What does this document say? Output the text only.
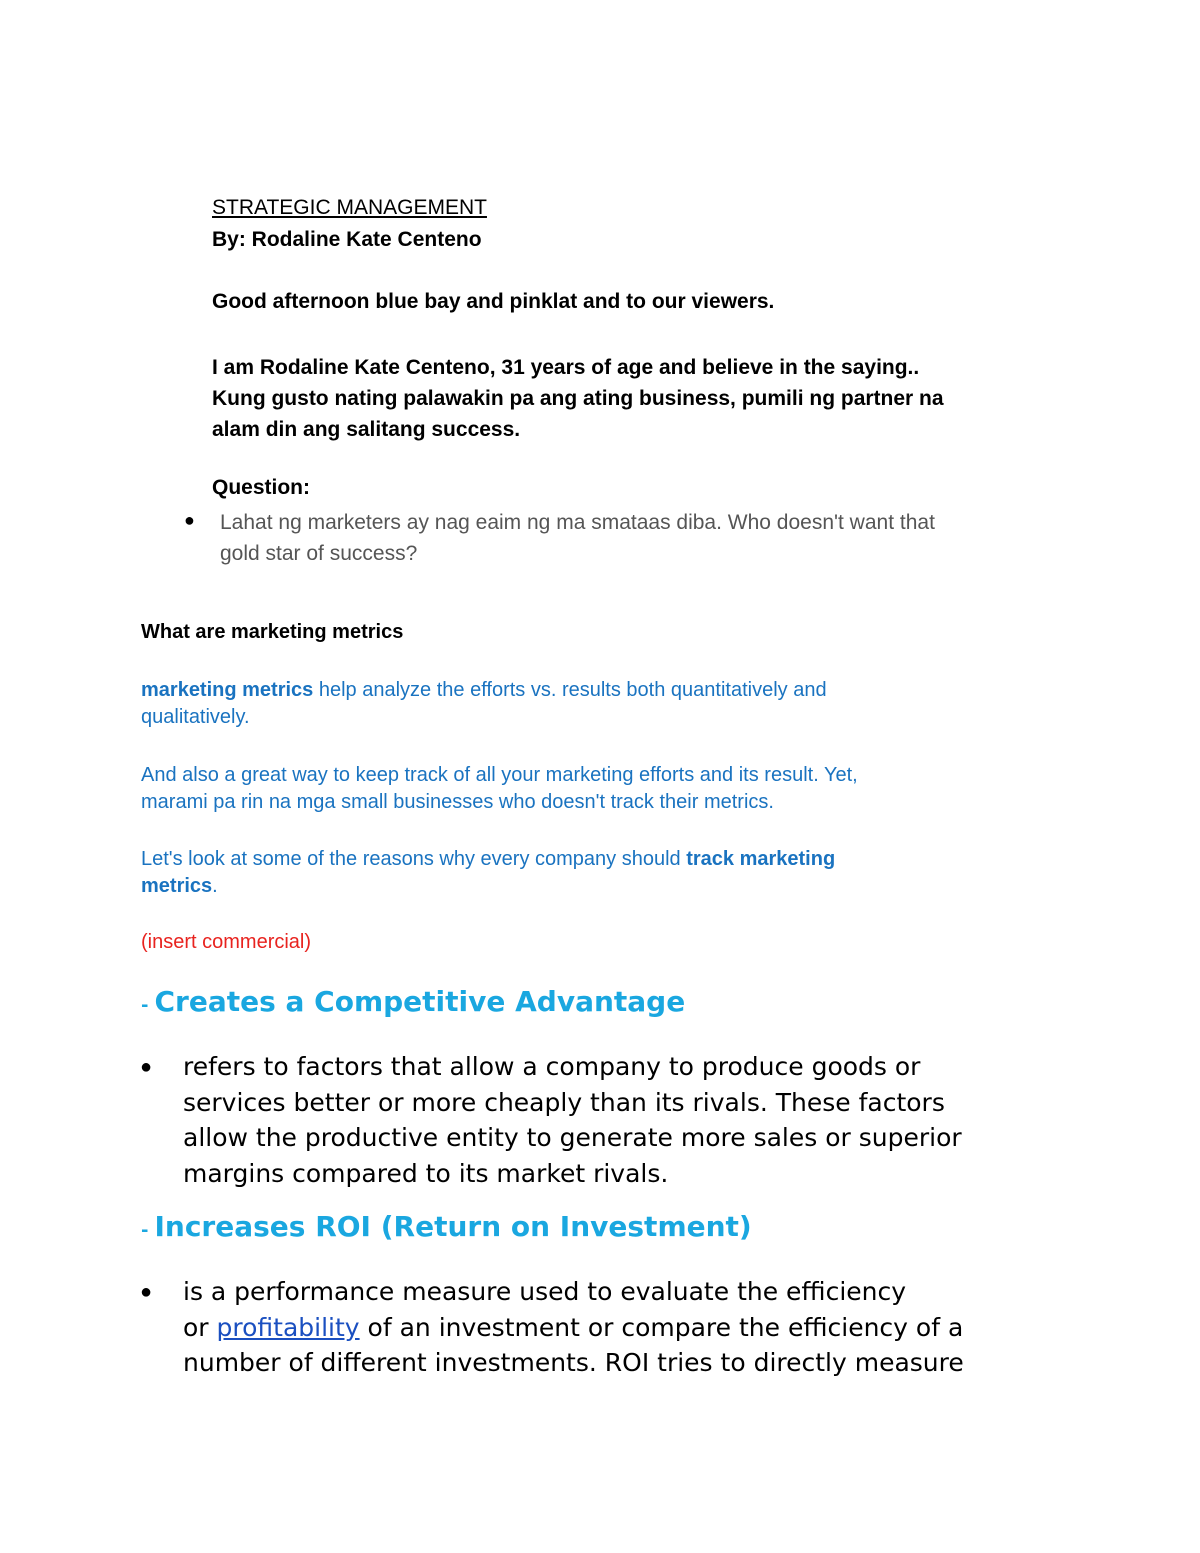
STRATEGIC MANAGEMENT
By: Rodaline Kate Centeno
Good afternoon blue bay and pinklat and to our viewers.
I am Rodaline Kate Centeno, 31 years of age and believe in the saying..
Kung gusto nating palawakin pa ang ating business, pumili ng partner na
alam din ang salitang success.
Question:
● Lahat ng marketers ay nag eaim ng ma smataas diba. Who doesn't want that
gold star of success?
What are marketing metrics
marketing metrics help analyze the efforts vs. results both quantitatively and
qualitatively.
And also a great way to keep track of all your marketing efforts and its result. Yet,
marami pa rin na mga small businesses who doesn't track their metrics.
Let's look at some of the reasons why every company should track marketing
metrics.
(insert commercial)
- Creates a Competitive Advantage
● refers to factors that allow a company to produce goods or
services better or more cheaply than its rivals. These factors
allow the productive entity to generate more sales or superior
margins compared to its market rivals.
- Increases ROI (Return on Investment)
● is a performance measure used to evaluate the efficiency
or profitability of an investment or compare the efficiency of a
number of different investments. ROI tries to directly measure
